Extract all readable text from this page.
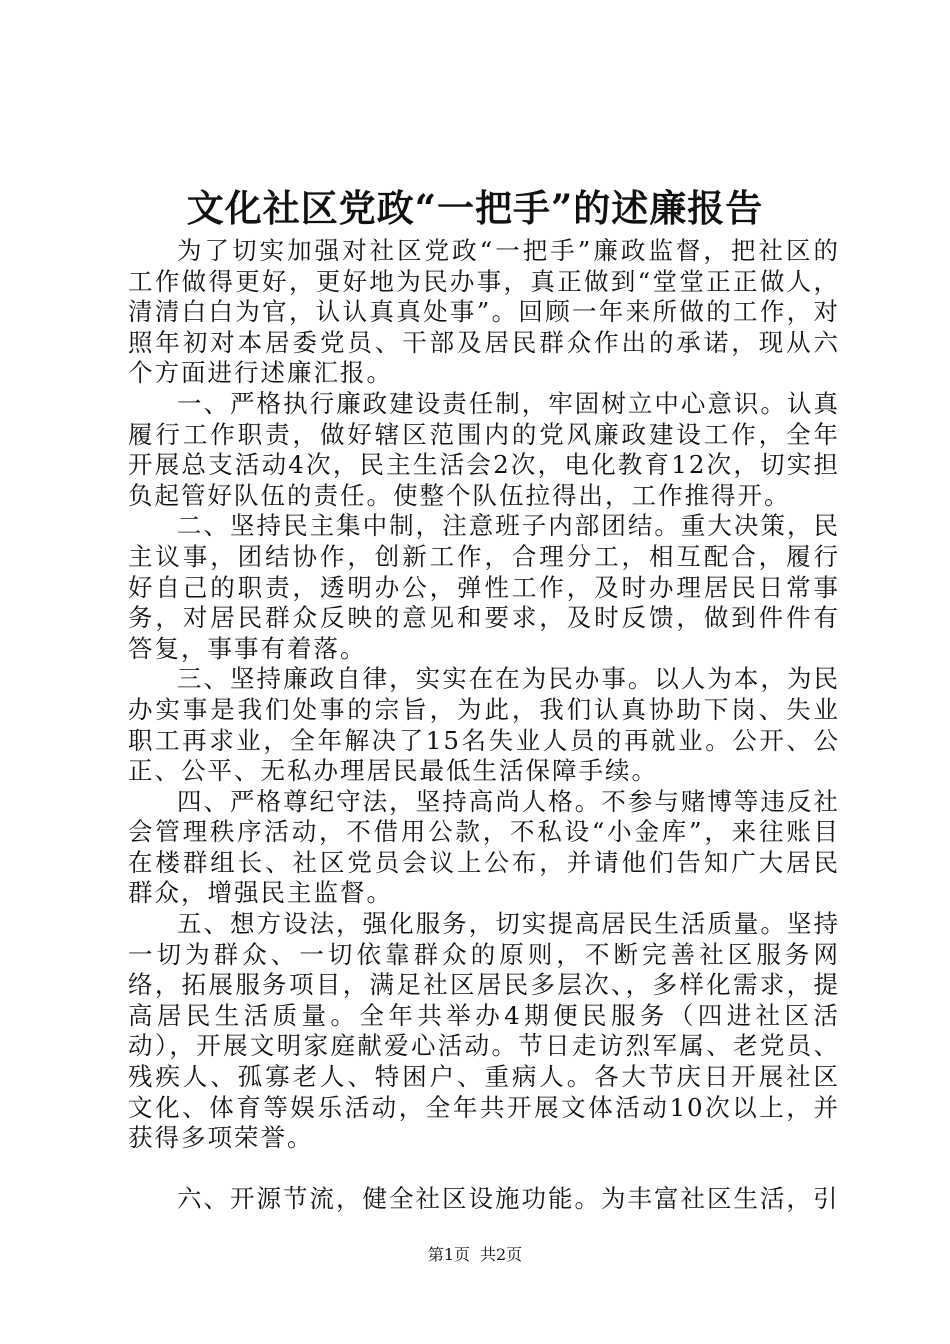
文化社区党政“一把手”的述廉报告

为了切实加强对社区党政“一把手”廉政监督，把社区的工作做得更好，更好地为民办事，真正做到“堂堂正正做人，清清白白为官，认认真真处事”。回顾一年来所做的工作，对照年初对本居委党员、干部及居民群众作出的承诺，现从六个方面进行述廉汇报。

一、严格执行廉政建设责任制，牢固树立中心意识。认真履行工作职责，做好辖区范围内的党风廉政建设工作，全年开展总支活动4次，民主生活会2次，电化教育12次，切实担负起管好队伍的责任。使整个队伍拉得出，工作推得开。

二、坚持民主集中制，注意班子内部团结。重大决策，民主议事，团结协作，创新工作，合理分工，相互配合，履行好自己的职责，透明办公，弹性工作，及时办理居民日常事务，对居民群众反映的意见和要求，及时反馈，做到件件有答复，事事有着落。

三、坚持廉政自律，实实在在为民办事。以人为本，为民办实事是我们处事的宗旨，为此，我们认真协助下岗、失业职工再求业，全年解决了15名失业人员的再就业。公开、公正、公平、无私办理居民最低生活保障手续。

四、严格尊纪守法，坚持高尚人格。不参与赌博等违反社会管理秩序活动，不借用公款，不私设“小金库”，来往账目在楼群组长、社区党员会议上公布，并请他们告知广大居民群众，增强民主监督。

五、想方设法，强化服务，切实提高居民生活质量。坚持一切为群众、一切依靠群众的原则，不断完善社区服务网络，拓展服务项目，满足社区居民多层次、，多样化需求，提高居民生活质量。全年共举办4期便民服务（四进社区活动），开展文明家庭献爱心活动。节日走访烈军属、老党员、残疾人、孤寡老人、特困户、重病人。各大节庆日开展社区文化、体育等娱乐活动，全年共开展文体活动10次以上，并获得多项荣誉。

六、开源节流，健全社区设施功能。为丰富社区生活，引

第1页 共2页
